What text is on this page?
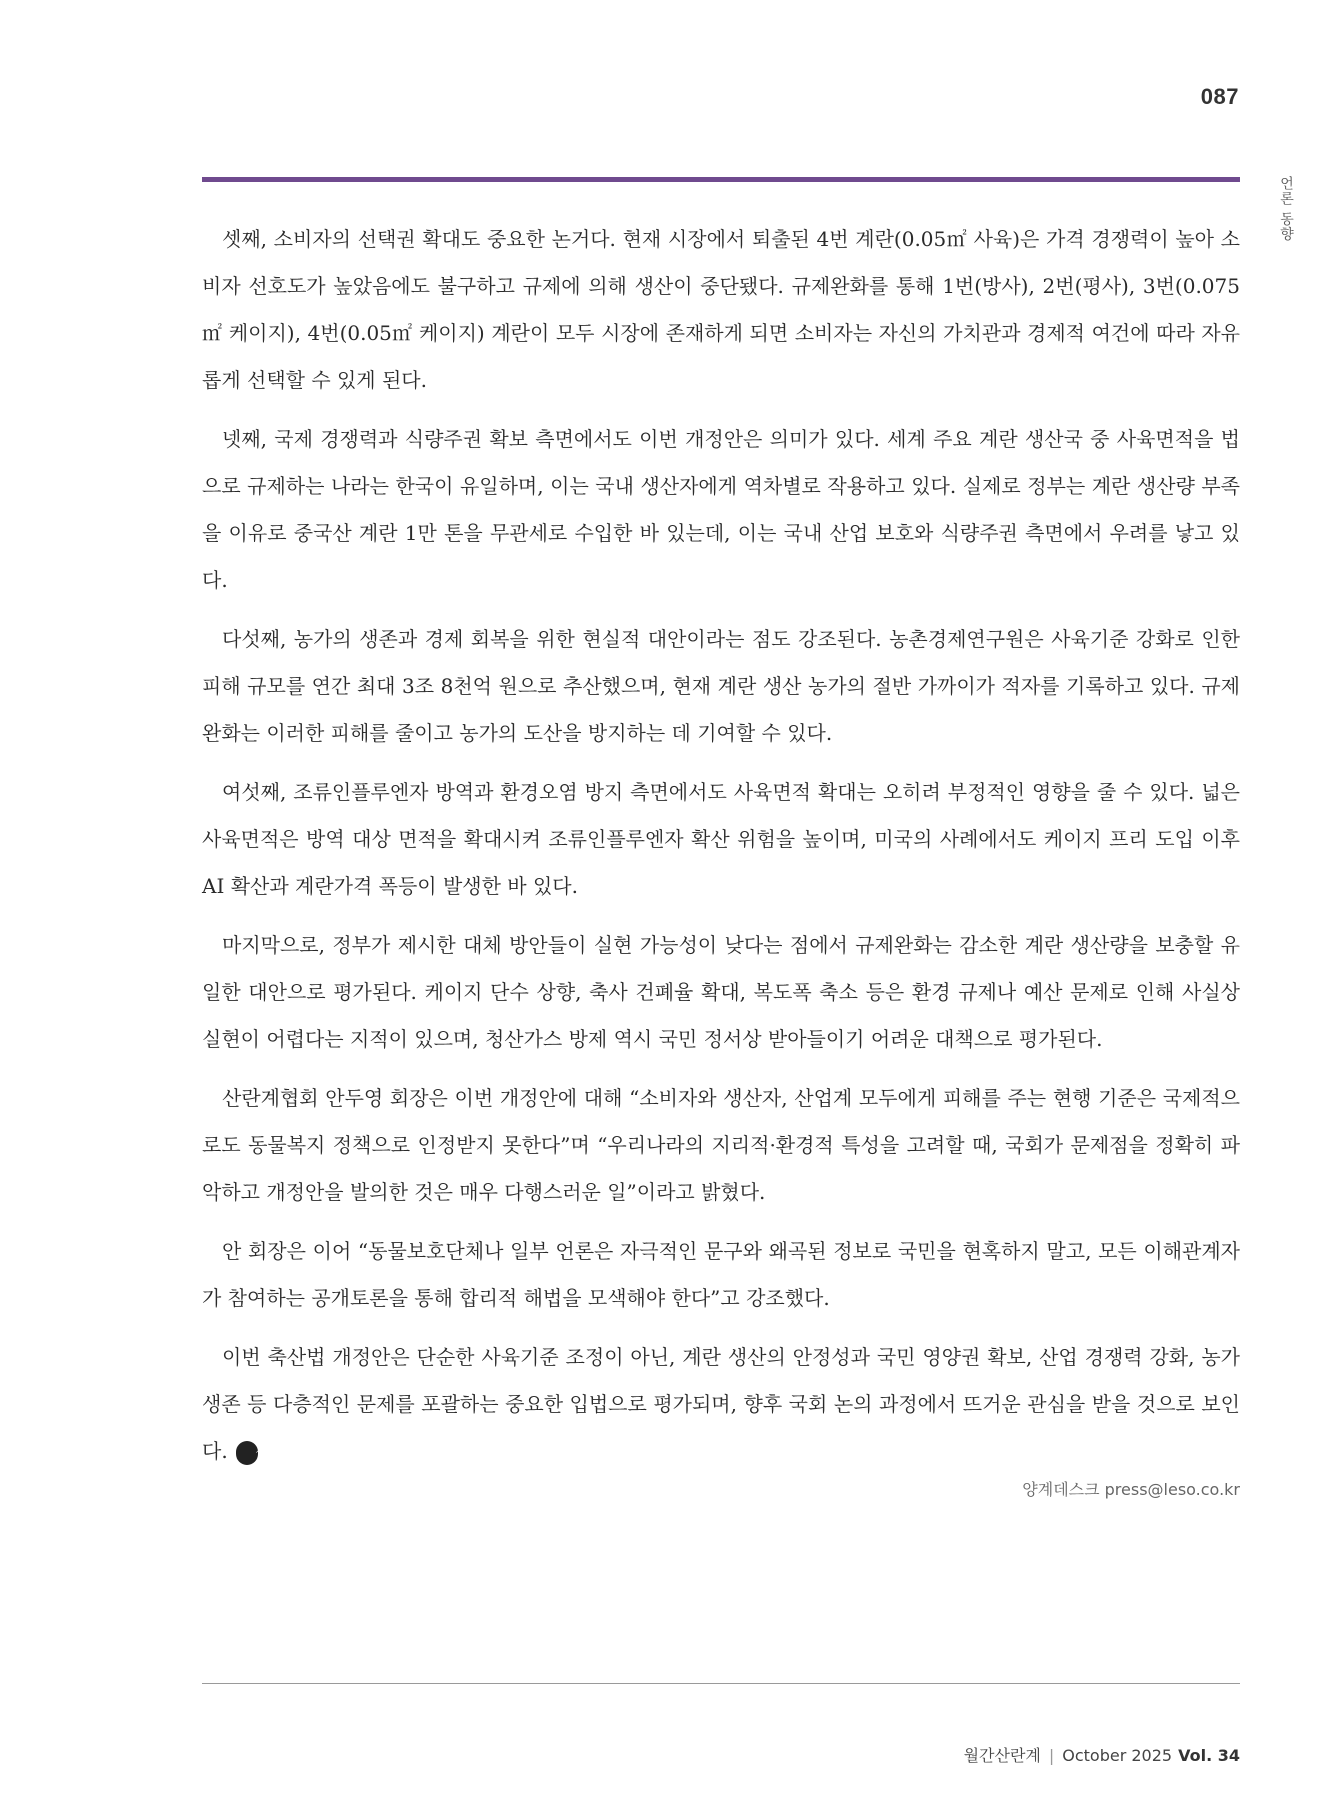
087
언론 동향

셋째, 소비자의 선택권 확대도 중요한 논거다. 현재 시장에서 퇴출된 4번 계란(0.05㎡ 사육)은 가격 경쟁력이 높아 소비자 선호도가 높았음에도 불구하고 규제에 의해 생산이 중단됐다. 규제완화를 통해 1번(방사), 2번(평사), 3번(0.075㎡ 케이지), 4번(0.05㎡ 케이지) 계란이 모두 시장에 존재하게 되면 소비자는 자신의 가치관과 경제적 여건에 따라 자유롭게 선택할 수 있게 된다.

넷째, 국제 경쟁력과 식량주권 확보 측면에서도 이번 개정안은 의미가 있다. 세계 주요 계란 생산국 중 사육면적을 법으로 규제하는 나라는 한국이 유일하며, 이는 국내 생산자에게 역차별로 작용하고 있다. 실제로 정부는 계란 생산량 부족을 이유로 중국산 계란 1만 톤을 무관세로 수입한 바 있는데, 이는 국내 산업 보호와 식량주권 측면에서 우려를 낳고 있다.

다섯째, 농가의 생존과 경제 회복을 위한 현실적 대안이라는 점도 강조된다. 농촌경제연구원은 사육기준 강화로 인한 피해 규모를 연간 최대 3조 8천억 원으로 추산했으며, 현재 계란 생산 농가의 절반 가까이가 적자를 기록하고 있다. 규제완화는 이러한 피해를 줄이고 농가의 도산을 방지하는 데 기여할 수 있다.

여섯째, 조류인플루엔자 방역과 환경오염 방지 측면에서도 사육면적 확대는 오히려 부정적인 영향을 줄 수 있다. 넓은 사육면적은 방역 대상 면적을 확대시켜 조류인플루엔자 확산 위험을 높이며, 미국의 사례에서도 케이지 프리 도입 이후 AI 확산과 계란가격 폭등이 발생한 바 있다.

마지막으로, 정부가 제시한 대체 방안들이 실현 가능성이 낮다는 점에서 규제완화는 감소한 계란 생산량을 보충할 유일한 대안으로 평가된다. 케이지 단수 상향, 축사 건폐율 확대, 복도폭 축소 등은 환경 규제나 예산 문제로 인해 사실상 실현이 어렵다는 지적이 있으며, 청산가스 방제 역시 국민 정서상 받아들이기 어려운 대책으로 평가된다.

산란계협회 안두영 회장은 이번 개정안에 대해 “소비자와 생산자, 산업계 모두에게 피해를 주는 현행 기준은 국제적으로도 동물복지 정책으로 인정받지 못한다”며 “우리나라의 지리적·환경적 특성을 고려할 때, 국회가 문제점을 정확히 파악하고 개정안을 발의한 것은 매우 다행스러운 일”이라고 밝혔다.

안 회장은 이어 “동물보호단체나 일부 언론은 자극적인 문구와 왜곡된 정보로 국민을 현혹하지 말고, 모든 이해관계자가 참여하는 공개토론을 통해 합리적 해법을 모색해야 한다”고 강조했다.

이번 축산법 개정안은 단순한 사육기준 조정이 아닌, 계란 생산의 안정성과 국민 영양권 확보, 산업 경쟁력 강화, 농가 생존 등 다층적인 문제를 포괄하는 중요한 입법으로 평가되며, 향후 국회 논의 과정에서 뜨거운 관심을 받을 것으로 보인다. 산

양계데스크 press@leso.co.kr
월간산란계 | October 2025 Vol. 34
